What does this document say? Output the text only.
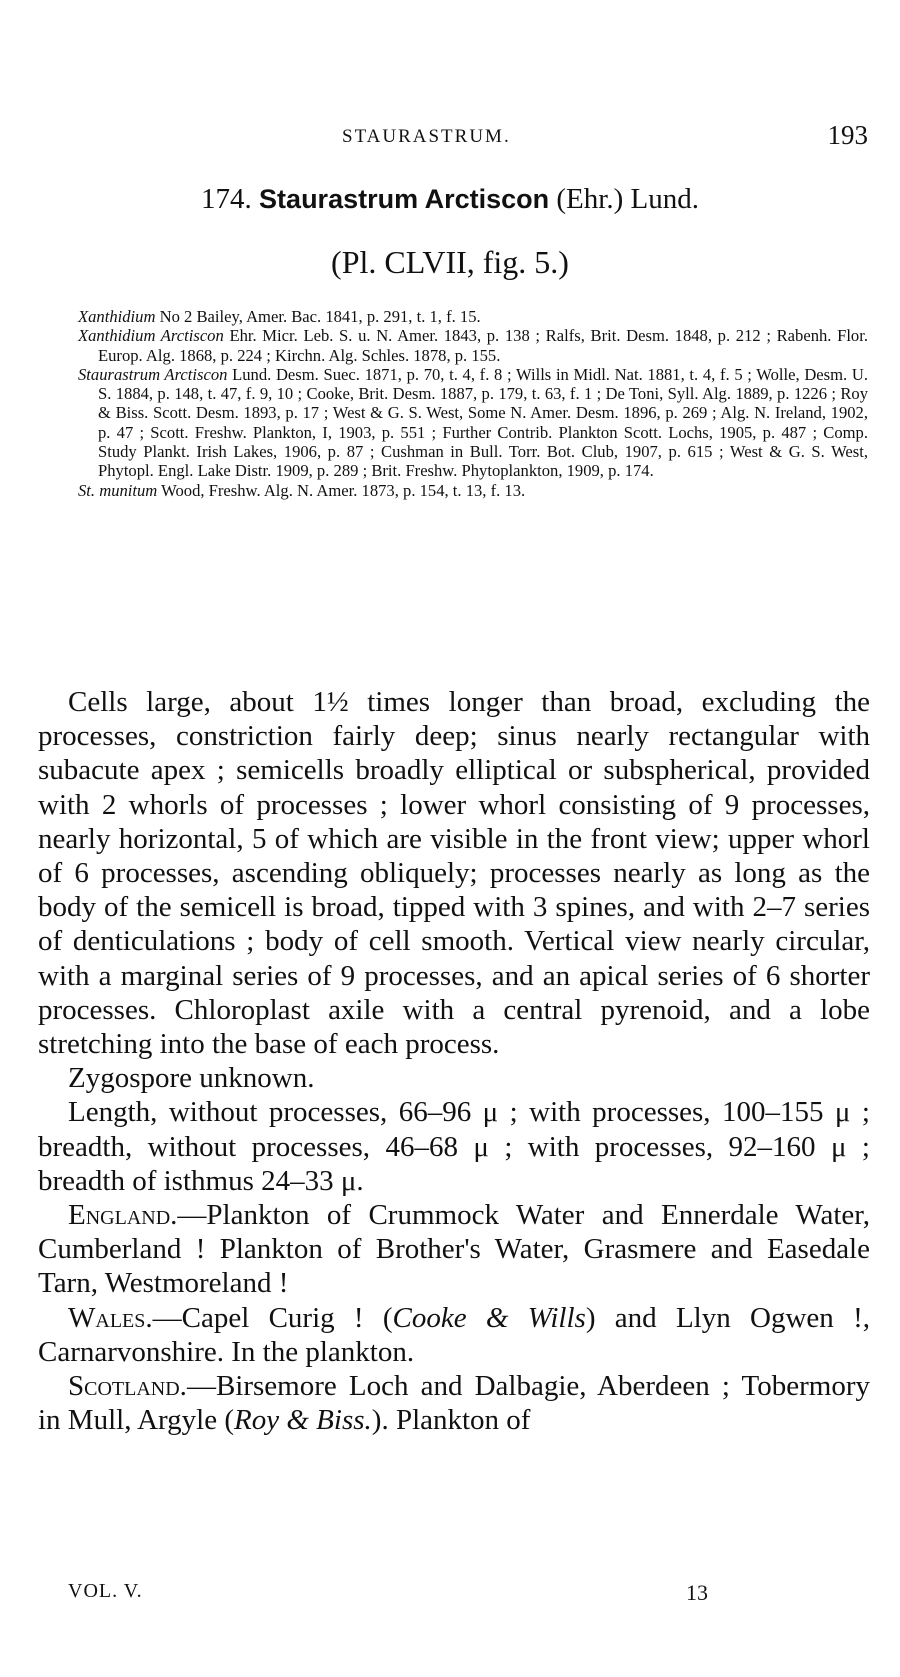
STAURASTRUM.	193
174. Staurastrum Arctiscon (Ehr.) Lund.
(Pl. CLVII, fig. 5.)
Xanthidium No 2 Bailey, Amer. Bac. 1841, p. 291, t. 1, f. 15.
Xanthidium Arctiscon Ehr. Micr. Leb. S. u. N. Amer. 1843, p. 138 ; Ralfs, Brit. Desm. 1848, p. 212 ; Rabenh. Flor. Europ. Alg. 1868, p. 224 ; Kirchn. Alg. Schles. 1878, p. 155.
Staurastrum Arctiscon Lund. Desm. Suec. 1871, p. 70, t. 4, f. 8 ; Wills in Midl. Nat. 1881, t. 4, f. 5 ; Wolle, Desm. U. S. 1884, p. 148, t. 47, f. 9, 10 ; Cooke, Brit. Desm. 1887, p. 179, t. 63, f. 1 ; De Toni, Syll. Alg. 1889, p. 1226 ; Roy & Biss. Scott. Desm. 1893, p. 17 ; West & G. S. West, Some N. Amer. Desm. 1896, p. 269 ; Alg. N. Ireland, 1902, p. 47 ; Scott. Freshw. Plankton, I, 1903, p. 551 ; Further Contrib. Plankton Scott. Lochs, 1905, p. 487 ; Comp. Study Plankt. Irish Lakes, 1906, p. 87 ; Cushman in Bull. Torr. Bot. Club, 1907, p. 615 ; West & G. S. West, Phytopl. Engl. Lake Distr. 1909, p. 289 ; Brit. Freshw. Phytoplankton, 1909, p. 174.
St. munitum Wood, Freshw. Alg. N. Amer. 1873, p. 154, t. 13, f. 13.

Cells large, about 1½ times longer than broad, excluding the processes, constriction fairly deep; sinus nearly rectangular with subacute apex ; semicells broadly elliptical or subspherical, provided with 2 whorls of processes ; lower whorl consisting of 9 processes, nearly horizontal, 5 of which are visible in the front view; upper whorl of 6 processes, ascending obliquely; processes nearly as long as the body of the semicell is broad, tipped with 3 spines, and with 2–7 series of denticulations ; body of cell smooth. Vertical view nearly circular, with a marginal series of 9 processes, and an apical series of 6 shorter processes. Chloroplast axile with a central pyrenoid, and a lobe stretching into the base of each process.

Zygospore unknown.

Length, without processes, 66–96 μ ; with processes, 100–155 μ ; breadth, without processes, 46–68 μ ; with processes, 92–160 μ ; breadth of isthmus 24–33 μ.

England.—Plankton of Crummock Water and Ennerdale Water, Cumberland ! Plankton of Brother's Water, Grasmere and Easedale Tarn, Westmoreland !

Wales.—Capel Curig ! (Cooke & Wills) and Llyn Ogwen !, Carnarvonshire. In the plankton.

Scotland.—Birsemore Loch and Dalbagie, Aberdeen ; Tobermory in Mull, Argyle (Roy & Biss.). Plankton of

VOL. V.	13
